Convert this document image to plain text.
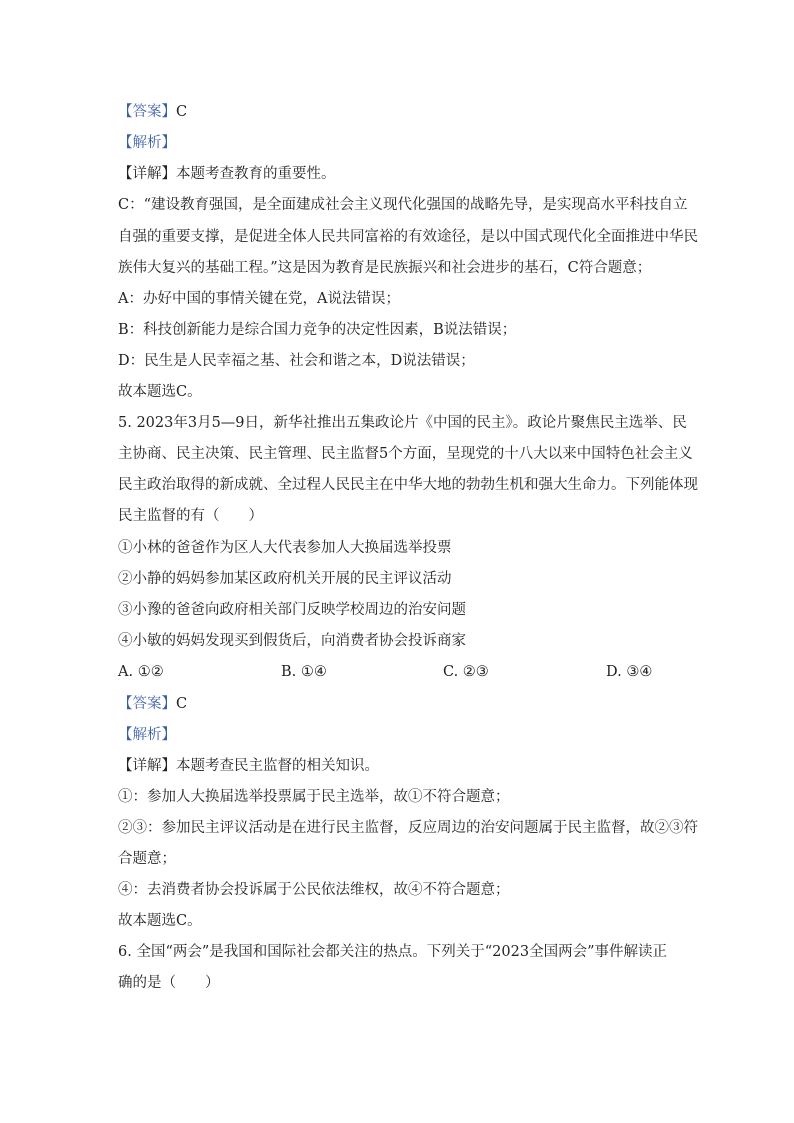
【答案】C
【解析】
【详解】本题考查教育的重要性。
C：“建设教育强国，是全面建成社会主义现代化强国的战略先导，是实现高水平科技自立
自强的重要支撑，是促进全体人民共同富裕的有效途径，是以中国式现代化全面推进中华民
族伟大复兴的基础工程。”这是因为教育是民族振兴和社会进步的基石，C符合题意；
A：办好中国的事情关键在党，A说法错误；
B：科技创新能力是综合国力竞争的决定性因素，B说法错误；
D：民生是人民幸福之基、社会和谐之本，D说法错误；
故本题选C。
5. 2023年3月5—9日，新华社推出五集政论片《中国的民主》。政论片聚焦民主选举、民
主协商、民主决策、民主管理、民主监督5个方面，呈现党的十八大以来中国特色社会主义
民主政治取得的新成就、全过程人民民主在中华大地的勃勃生机和强大生命力。下列能体现
民主监督的有（　　）
①小林的爸爸作为区人大代表参加人大换届选举投票
②小静的妈妈参加某区政府机关开展的民主评议活动
③小豫的爸爸向政府相关部门反映学校周边的治安问题
④小敏的妈妈发现买到假货后，向消费者协会投诉商家
A. ①②	B. ①④	C. ②③	D. ③④
【答案】C
【解析】
【详解】本题考查民主监督的相关知识。
①：参加人大换届选举投票属于民主选举，故①不符合题意；
②③：参加民主评议活动是在进行民主监督，反应周边的治安问题属于民主监督，故②③符
合题意；
④：去消费者协会投诉属于公民依法维权，故④不符合题意；
故本题选C。
6. 全国“两会”是我国和国际社会都关注的热点。下列关于“2023全国两会”事件解读正
确的是（　　）
